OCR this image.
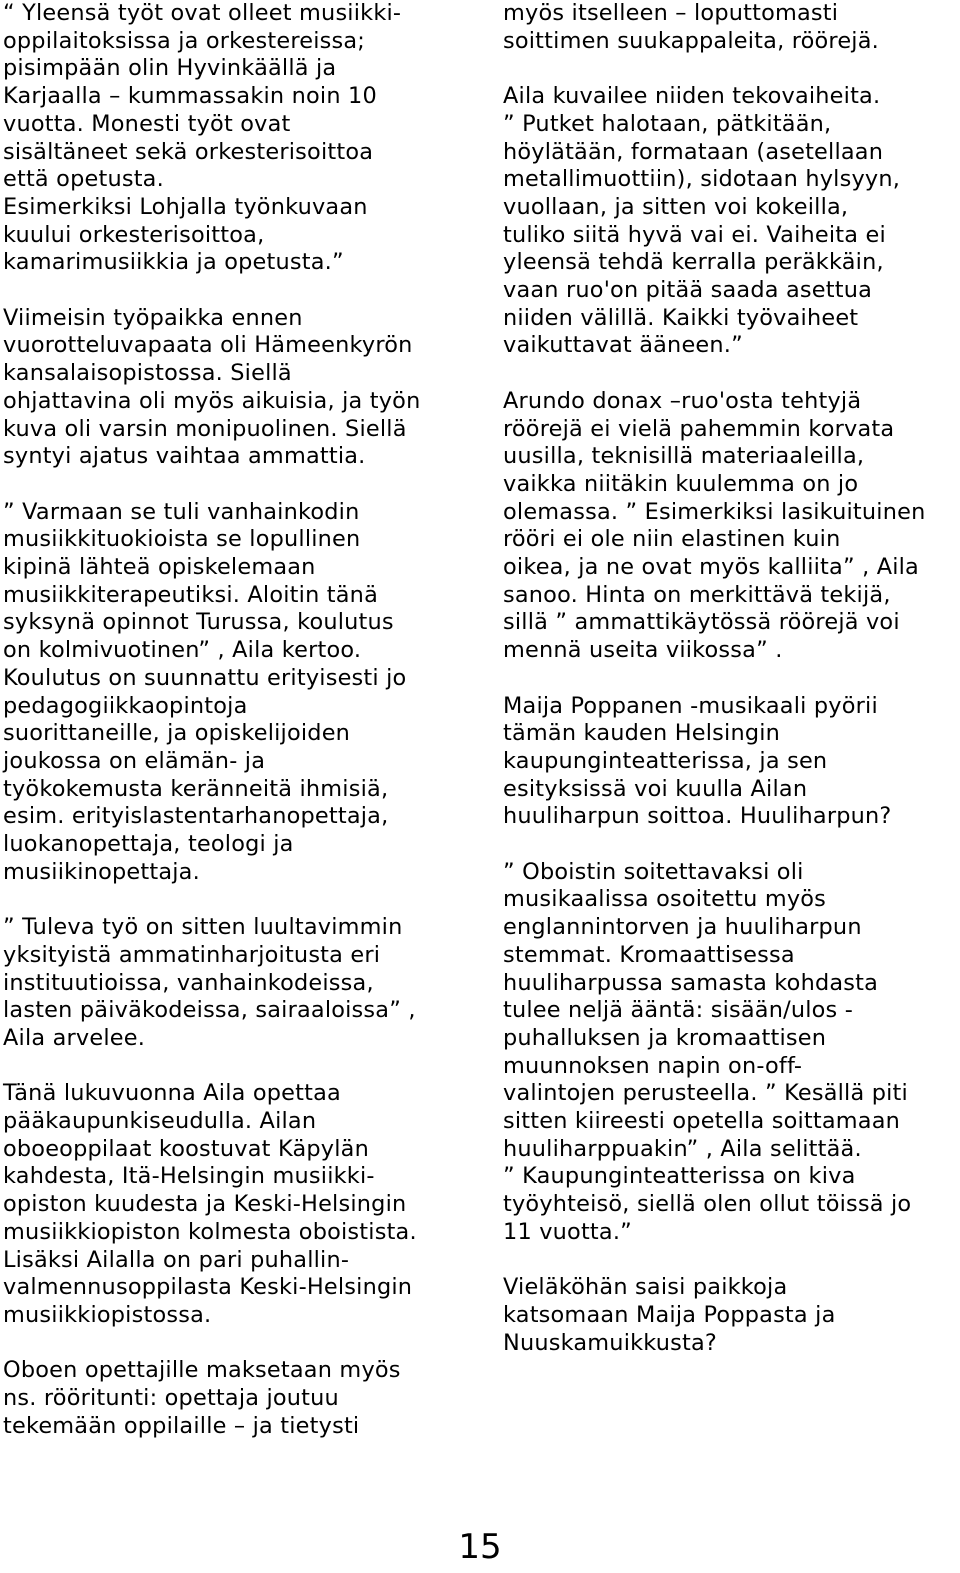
“ Yleensä työt ovat olleet musiikki-
oppilaitoksissa ja orkestereissa;
pisimpään olin Hyvinkäällä ja
Karjaalla – kummassakin noin 10
vuotta. Monesti työt ovat
sisältäneet sekä orkesterisoittoa
että opetusta.
Esimerkiksi Lohjalla työnkuvaan
kuului orkesterisoittoa,
kamarimusiikkia ja opetusta.”
Viimeisin työpaikka ennen
vuorotteluvapaata oli Hämeenkyrön
kansalaisopistossa. Siellä
ohjattavina oli myös aikuisia, ja työn
kuva oli varsin monipuolinen. Siellä
syntyi ajatus vaihtaa ammattia.
” Varmaan se tuli vanhainkodin
musiikkituokioista se lopullinen
kipinä lähteä opiskelemaan
musiikkiterapeutiksi. Aloitin tänä
syksynä opinnot Turussa, koulutus
on kolmivuotinen” , Aila kertoo.
Koulutus on suunnattu erityisesti jo
pedagogiikkaopintoja
suorittaneille, ja opiskelijoiden
joukossa on elämän- ja
työkokemusta keränneitä ihmisiä,
esim. erityislastentarhanopettaja,
luokanopettaja, teologi ja
musiikinopettaja.
” Tuleva työ on sitten luultavimmin
yksityistä ammatinharjoitusta eri
instituutioissa, vanhainkodeissa,
lasten päiväkodeissa, sairaaloissa” ,
Aila arvelee.
Tänä lukuvuonna Aila opettaa
pääkaupunkiseudulla. Ailan
oboeoppilaat koostuvat Käpylän
kahdesta, Itä-Helsingin musiikki-
opiston kuudesta ja Keski-Helsingin
musiikkiopiston kolmesta oboistista.
Lisäksi Ailalla on pari puhallin-
valmennusoppilasta Keski-Helsingin
musiikkiopistossa.
Oboen opettajille maksetaan myös
ns. rööritunti: opettaja joutuu
tekemään oppilaille – ja tietysti
myös itselleen – loputtomasti
soittimen suukappaleita, röörejä.
Aila kuvailee niiden tekovaiheita.
” Putket halotaan, pätkitään,
höylätään, formataan (asetellaan
metallimuottiin), sidotaan hylsyyn,
vuollaan, ja sitten voi kokeilla,
tuliko siitä hyvä vai ei. Vaiheita ei
yleensä tehdä kerralla peräkkäin,
vaan ruo'on pitää saada asettua
niiden välillä. Kaikki työvaiheet
vaikuttavat ääneen.”
Arundo donax –ruo'osta tehtyjä
röörejä ei vielä pahemmin korvata
uusilla, teknisillä materiaaleilla,
vaikka niitäkin kuulemma on jo
olemassa. ” Esimerkiksi lasikuituinen
rööri ei ole niin elastinen kuin
oikea, ja ne ovat myös kalliita” , Aila
sanoo. Hinta on merkittävä tekijä,
sillä ” ammattikäytössä röörejä voi
mennä useita viikossa” .
Maija Poppanen -musikaali pyörii
tämän kauden Helsingin
kaupunginteatterissa, ja sen
esityksissä voi kuulla Ailan
huuliharpun soittoa. Huuliharpun?
” Oboistin soitettavaksi oli
musikaalissa osoitettu myös
englannintorven ja huuliharpun
stemmat. Kromaattisessa
huuliharpussa samasta kohdasta
tulee neljä ääntä: sisään/ulos -
puhalluksen ja kromaattisen
muunnoksen napin on-off-
valintojen perusteella. ” Kesällä piti
sitten kiireesti opetella soittamaan
huuliharppuakin” , Aila selittää.
” Kaupunginteatterissa on kiva
työyhteisö, siellä olen ollut töissä jo
11 vuotta.”
Vieläköhän saisi paikkoja
katsomaan Maija Poppasta ja
Nuuskamuikkusta?
15
